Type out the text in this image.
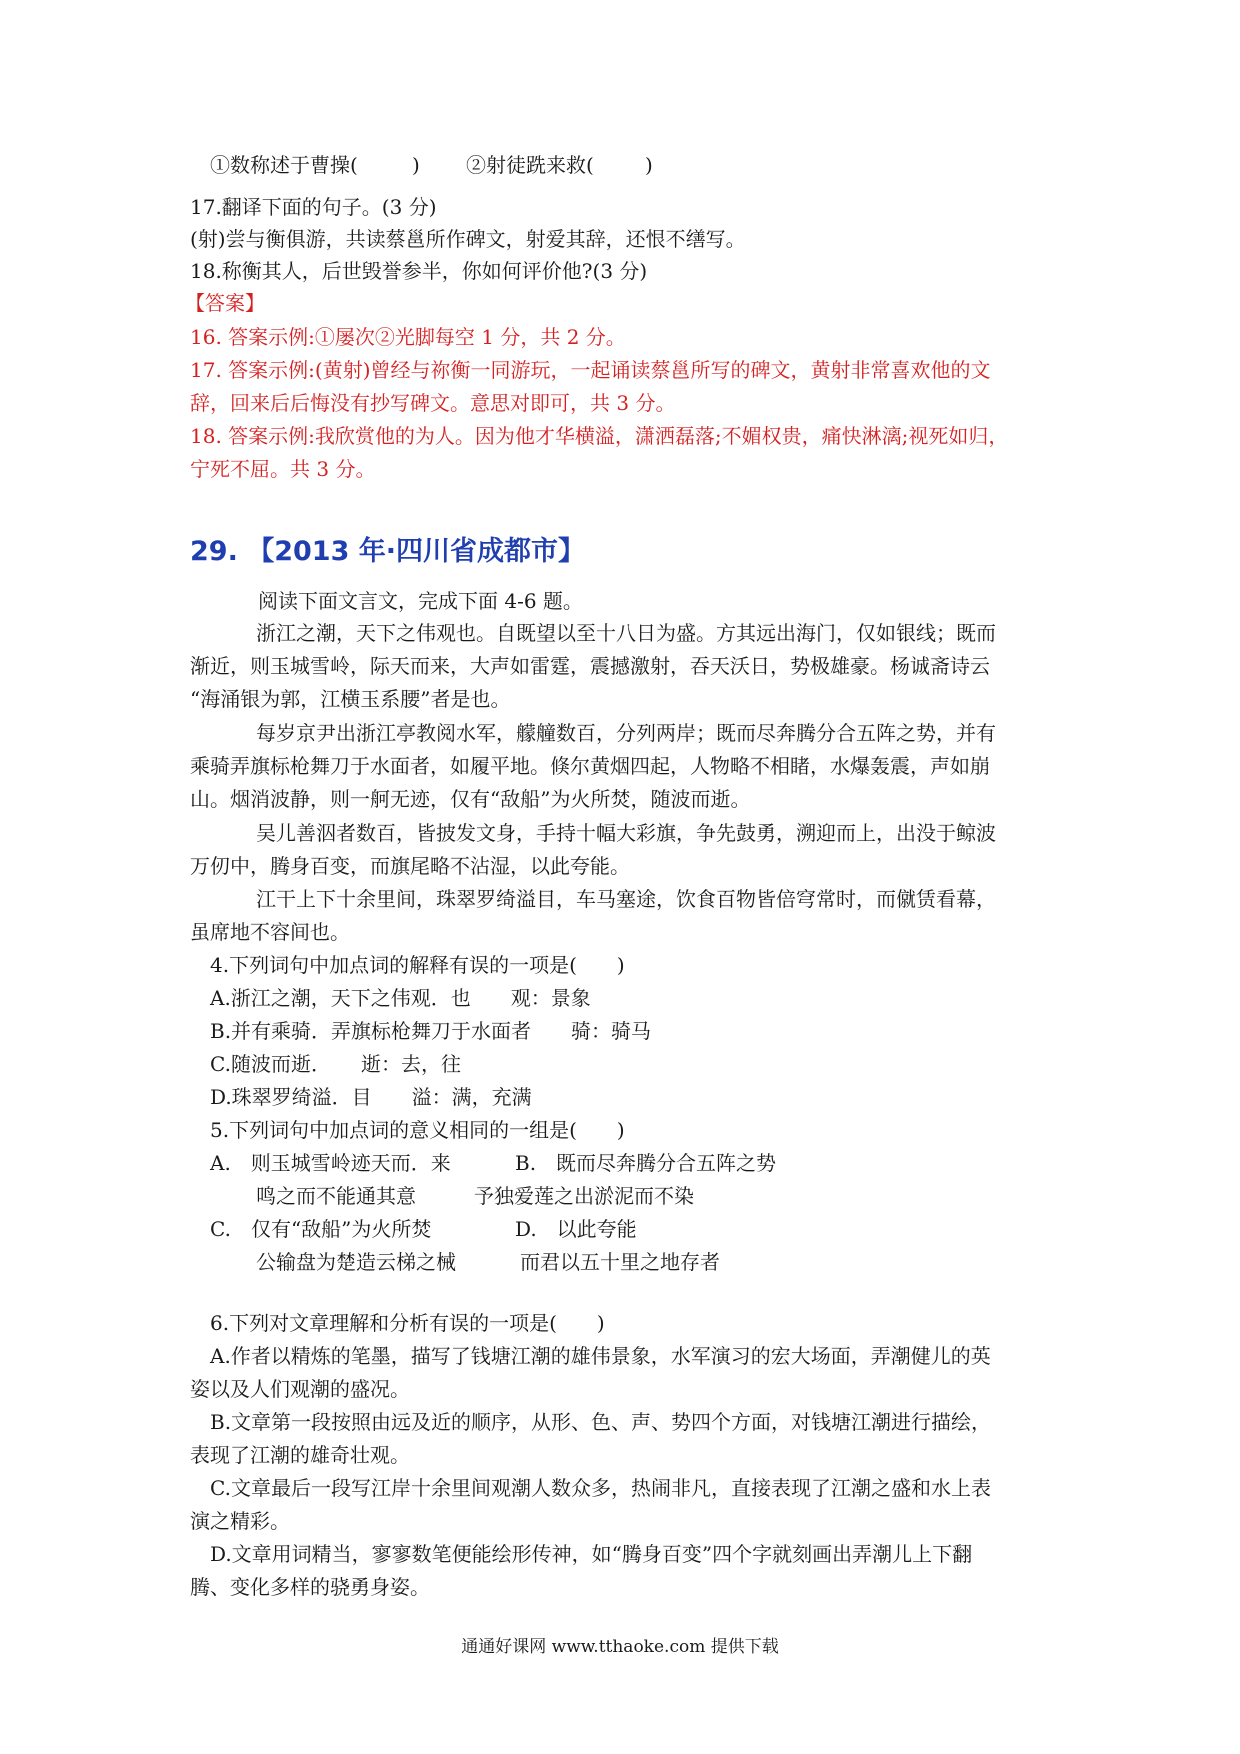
①数称述于曹操(	) ②射徒跣来救(	)
17.翻译下面的句子。(3 分)
(射)尝与衡俱游，共读蔡邕所作碑文，射爱其辞，还恨不缮写。
18.称衡其人，后世毁誉参半，你如何评价他?(3 分)
【答案】
16. 答案示例:①屡次②光脚每空 1 分，共 2 分。
17. 答案示例:(黄射)曾经与祢衡一同游玩，一起诵读蔡邕所写的碑文，黄射非常喜欢他的文
辞，回来后后悔没有抄写碑文。意思对即可，共 3 分。
18. 答案示例:我欣赏他的为人。因为他才华横溢，潇洒磊落;不媚权贵，痛快淋漓;视死如归，
宁死不屈。共 3 分。
29. 【2013 年·四川省成都市】
阅读下面文言文，完成下面 4-6 题。
浙江之潮，天下之伟观也。自既望以至十八日为盛。方其远出海门，仅如银线；既而
渐近，则玉城雪岭，际天而来，大声如雷霆，震撼激射，吞天沃日，势极雄豪。杨诚斋诗云
“海涌银为郭，江横玉系腰”者是也。
每岁京尹出浙江亭教阅水军，艨艟数百，分列两岸；既而尽奔腾分合五阵之势，并有
乘骑弄旗标枪舞刀于水面者，如履平地。倏尔黄烟四起，人物略不相睹，水爆轰震，声如崩
山。烟消波静，则一舸无迹，仅有“敌船”为火所焚，随波而逝。
吴儿善泅者数百，皆披发文身，手持十幅大彩旗，争先鼓勇，溯迎而上，出没于鲸波
万仞中，腾身百变，而旗尾略不沾湿，以此夸能。
江干上下十余里间，珠翠罗绮溢目，车马塞途，饮食百物皆倍穹常时，而僦赁看幕，
虽席地不容间也。
4.下列词句中加点词的解释有误的一项是(　　)
A.浙江之潮，天下之伟观．也　　观：景象
B.并有乘骑．弄旗标枪舞刀于水面者　　骑：骑马
C.随波而逝．　　逝：去，往
D.珠翠罗绮溢．目　　溢：满，充满
5.下列词句中加点词的意义相同的一组是(　　)
A.　则玉城雪岭迹天而．来	B.　既而尽奔腾分合五阵之势
鸣之而不能通其意	予独爱莲之出淤泥而不染
C.　仅有“敌船”为火所焚	D.　以此夸能
公输盘为楚造云梯之械	而君以五十里之地存者
6.下列对文章理解和分析有误的一项是(　　)
A.作者以精炼的笔墨，描写了钱塘江潮的雄伟景象，水军演习的宏大场面，弄潮健儿的英
姿以及人们观潮的盛况。
B.文章第一段按照由远及近的顺序，从形、色、声、势四个方面，对钱塘江潮进行描绘，
表现了江潮的雄奇壮观。
C.文章最后一段写江岸十余里间观潮人数众多，热闹非凡，直接表现了江潮之盛和水上表
演之精彩。
D.文章用词精当，寥寥数笔便能绘形传神，如“腾身百变”四个字就刻画出弄潮儿上下翻
腾、变化多样的骁勇身姿。
通通好课网 www.tthaoke.com 提供下载
